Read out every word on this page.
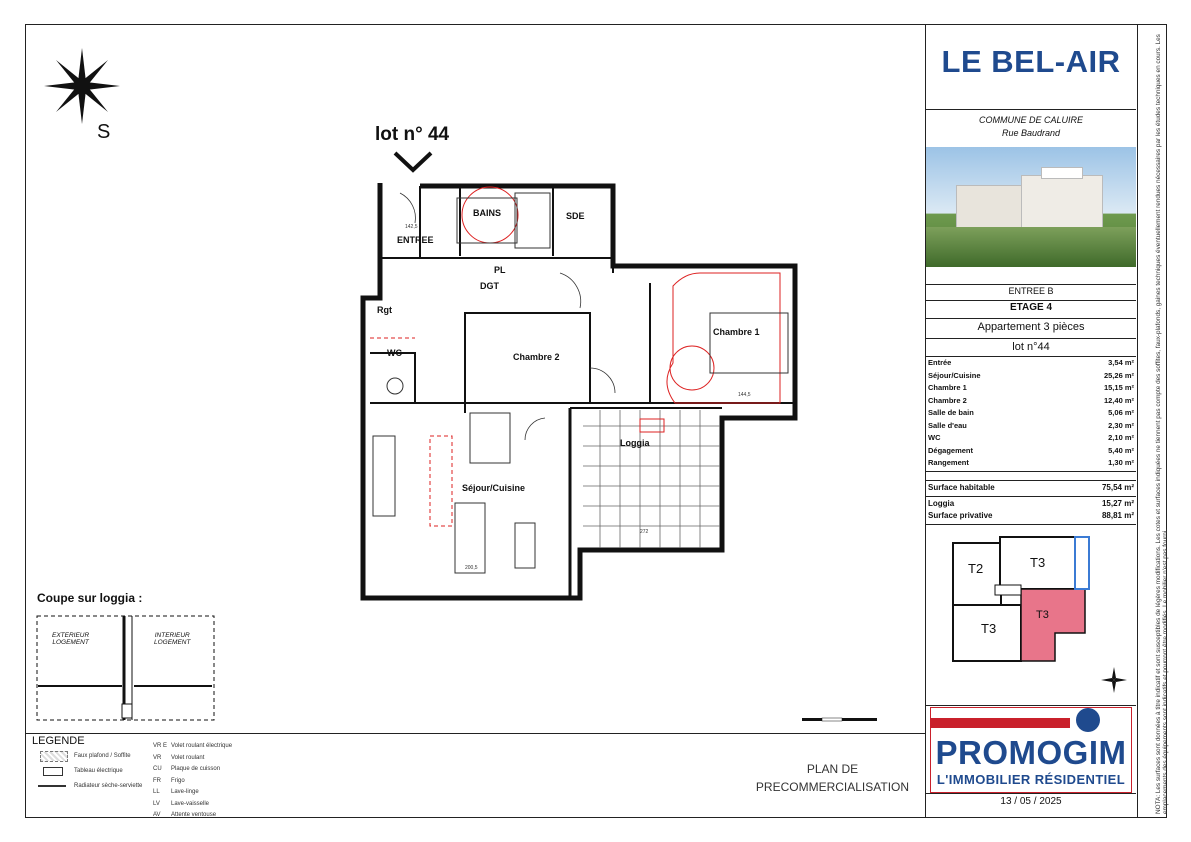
S	lot n° 44
142,5
144,5
200,5
272
ENTREE
BAINS	SDE
PL
DGT
Rgt
WC
Chambre 1
Chambre 2
Séjour/Cuisine
Loggia
Coupe sur loggia :
EXTERIEUR
LOGEMENT
INTERIEUR
LOGEMENT
LEGENDE
Faux plafond / Soffite
Tableau électrique
Radiateur sèche-serviette
VR E Volet roulant électrique
VR Volet roulant
CU Plaque de cuisson
FR Frigo
LL Lave-linge
LV Lave-vaisselle
AV Attente ventouse
PLAN DE
PRECOMMERCIALISATION
LE BEL-AIR
COMMUNE DE CALUIRE
Rue Baudrand
ENTREE B
ETAGE 4
Appartement 3 pièces
lot n°44
Entrée	3,54 m²
Séjour/Cuisine	25,26 m²
Chambre 1	15,15 m²
Chambre 2	12,40 m²
Salle de bain	5,06 m²
Salle d'eau	2,30 m²
WC	2,10 m²
Dégagement	5,40 m²
Rangement	1,30 m²
Surface habitable	75,54 m²
Loggia	15,27 m²
Surface privative	88,81 m²
T2	T3
T3
T3
PROMOGIM
L'IMMOBILIER RÉSIDENTIEL
13 / 05 / 2025	NOTA: Les surfaces sont données à titre indicatif et sont susceptibles de légères modifications. Les cotes et surfaces indiquées ne tiennent pas compte des soffites, faux-plafonds, gaines techniques éventuellement rendues nécessaires par les études techniques en cours. Les emplacements des équipements sont indicatifs et pourront être modifiés. Le mobilier n'est pas fourni.
